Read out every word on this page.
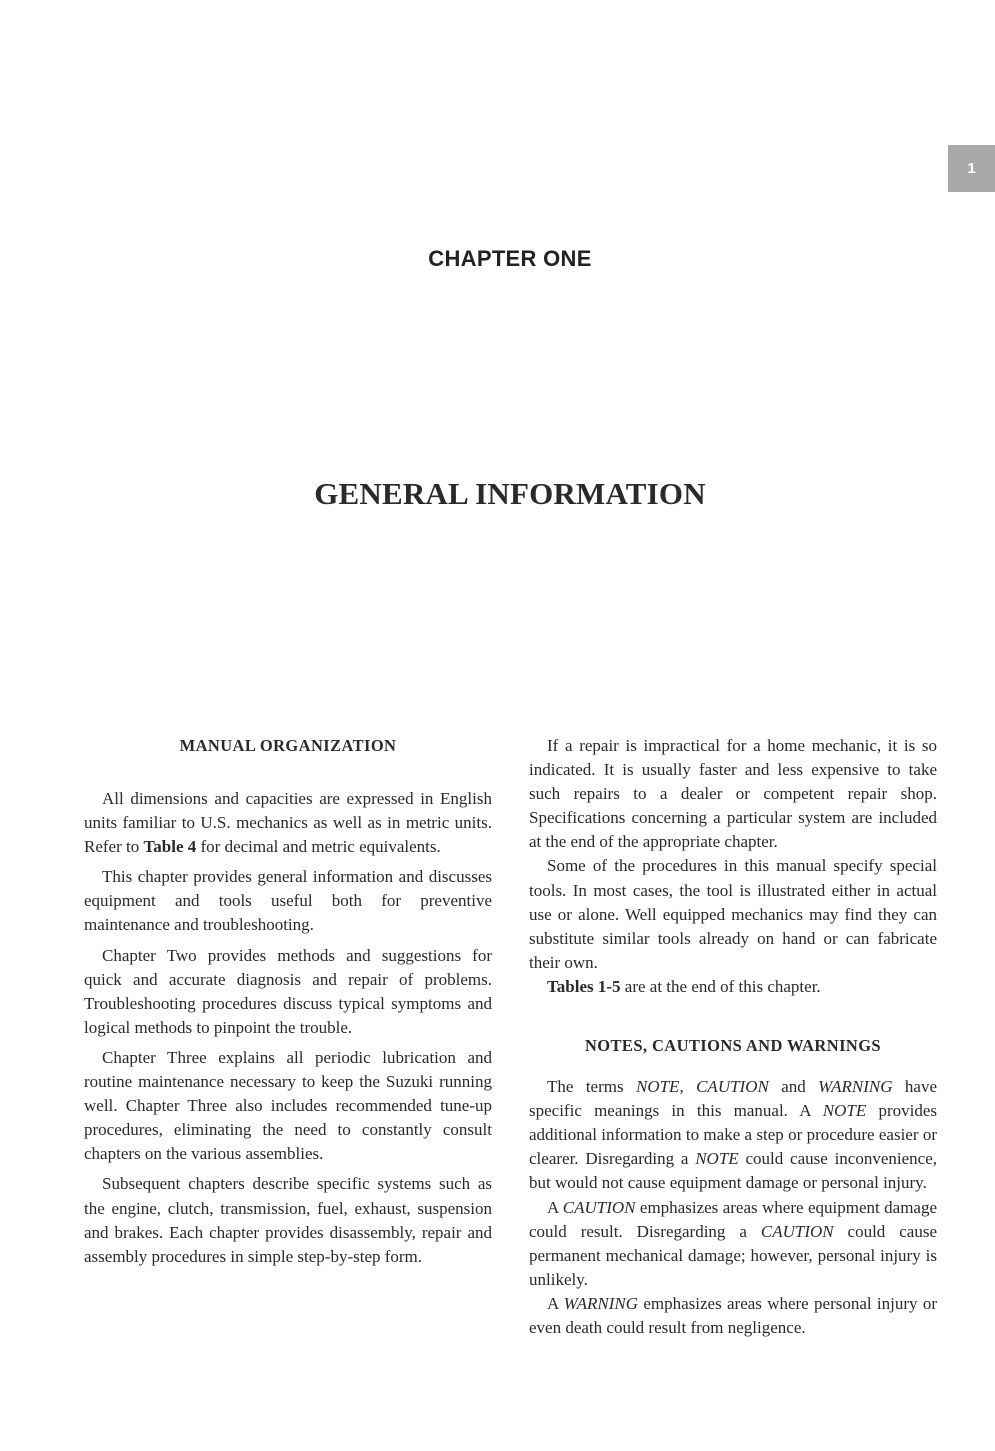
1
CHAPTER ONE
GENERAL INFORMATION

MANUAL ORGANIZATION

All dimensions and capacities are expressed in English units familiar to U.S. mechanics as well as in metric units. Refer to Table 4 for decimal and metric equivalents.

This chapter provides general information and discusses equipment and tools useful both for preventive maintenance and troubleshooting.

Chapter Two provides methods and suggestions for quick and accurate diagnosis and repair of problems. Troubleshooting procedures discuss typical symptoms and logical methods to pinpoint the trouble.

Chapter Three explains all periodic lubrication and routine maintenance necessary to keep the Suzuki running well. Chapter Three also includes recommended tune-up procedures, eliminating the need to constantly consult chapters on the various assemblies.

Subsequent chapters describe specific systems such as the engine, clutch, transmission, fuel, exhaust, suspension and brakes. Each chapter provides disassembly, repair and assembly procedures in simple step-by-step form.

If a repair is impractical for a home mechanic, it is so indicated. It is usually faster and less expensive to take such repairs to a dealer or competent repair shop. Specifications concerning a particular system are included at the end of the appropriate chapter.

Some of the procedures in this manual specify special tools. In most cases, the tool is illustrated either in actual use or alone. Well equipped mechanics may find they can substitute similar tools already on hand or can fabricate their own.

Tables 1-5 are at the end of this chapter.

NOTES, CAUTIONS AND WARNINGS

The terms NOTE, CAUTION and WARNING have specific meanings in this manual. A NOTE provides additional information to make a step or procedure easier or clearer. Disregarding a NOTE could cause inconvenience, but would not cause equipment damage or personal injury.

A CAUTION emphasizes areas where equipment damage could result. Disregarding a CAUTION could cause permanent mechanical damage; however, personal injury is unlikely.

A WARNING emphasizes areas where personal injury or even death could result from negligence.
